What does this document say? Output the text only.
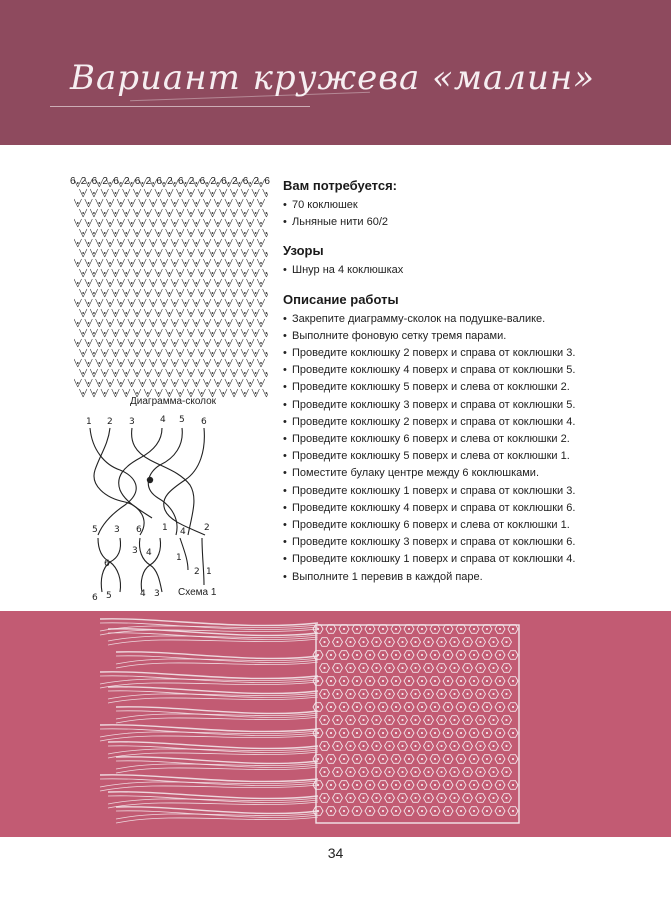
Вариант кружева «малин»
6 2 6 2 6 2 6 2 6 2 6 2 6 2 6 2 6 2 6
Диаграмма-сколок
1 2 3	4 5 6
5 3 6 1 4 2
3 4
6
1
6 5	4 3
2 1
Схема 1
Вам потребуется:
• 70 коклюшек
• Льняные нити 60/2
Узоры
• Шнур на 4 коклюшках
Описание работы
• Закрепите диаграмму-сколок на подушке-валике.
• Выполните фоновую сетку тремя парами.
• Проведите коклюшку 2 поверх и справа от коклюшки 3.
• Проведите коклюшку 4 поверх и справа от коклюшки 5.
• Проведите коклюшку 5 поверх и слева от коклюшки 2.
• Проведите коклюшку 3 поверх и справа от коклюшки 5.
• Проведите коклюшку 2 поверх и справа от коклюшки 4.
• Проведите коклюшку 6 поверх и слева от коклюшки 2.
• Проведите коклюшку 5 поверх и слева от коклюшки 1.
• Поместите булаку центре между 6 коклюшками.
• Проведите коклюшку 1 поверх и справа от коклюшки 3.
• Проведите коклюшку 4 поверх и справа от коклюшки 6.
• Проведите коклюшку 6 поверх и слева от коклюшки 1.
• Проведите коклюшку 3 поверх и справа от коклюшки 6.
• Проведите коклюшку 1 поверх и справа от коклюшки 4.
• Выполните 1 перевив в каждой паре.
34
